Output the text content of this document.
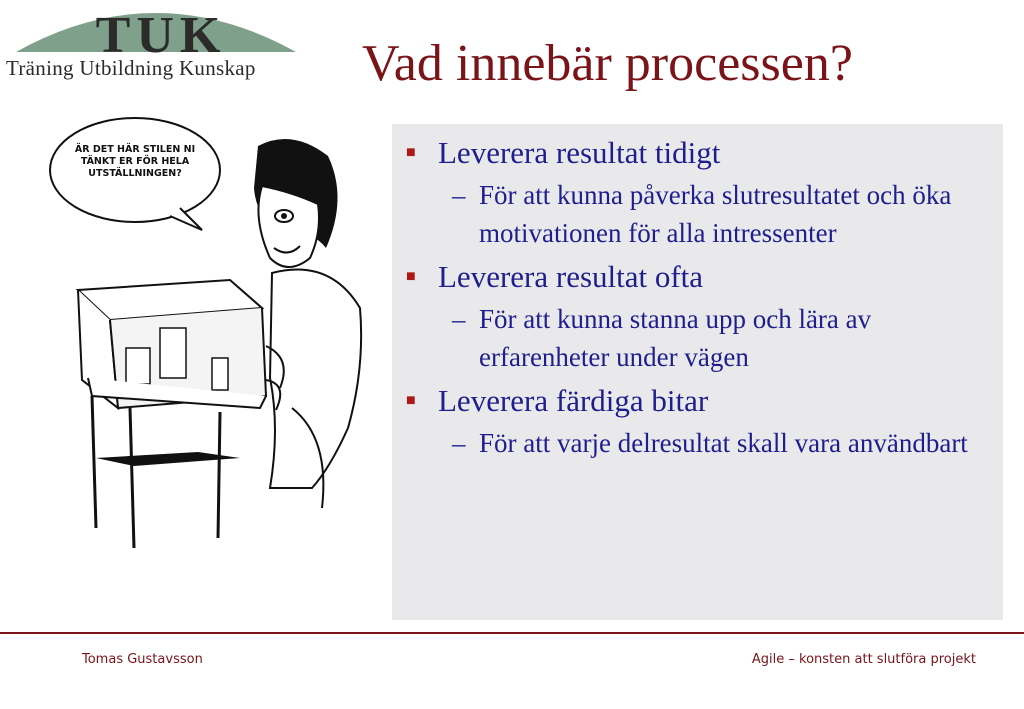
TUK
Träning Utbildning Kunskap	Vad innebär processen?
ÄR DET HÄR STILEN NI TÄNKT ER FÖR HELA UTSTÄLLNINGEN?
■ Leverera resultat tidigt
– För att kunna påverka slutresultatet och öka motivationen för alla intressenter
■ Leverera resultat ofta
– För att kunna stanna upp och lära av erfarenheter under vägen
■ Leverera färdiga bitar
– För att varje delresultat skall vara användbart
Tomas Gustavsson	Agile – konsten att slutföra projekt
